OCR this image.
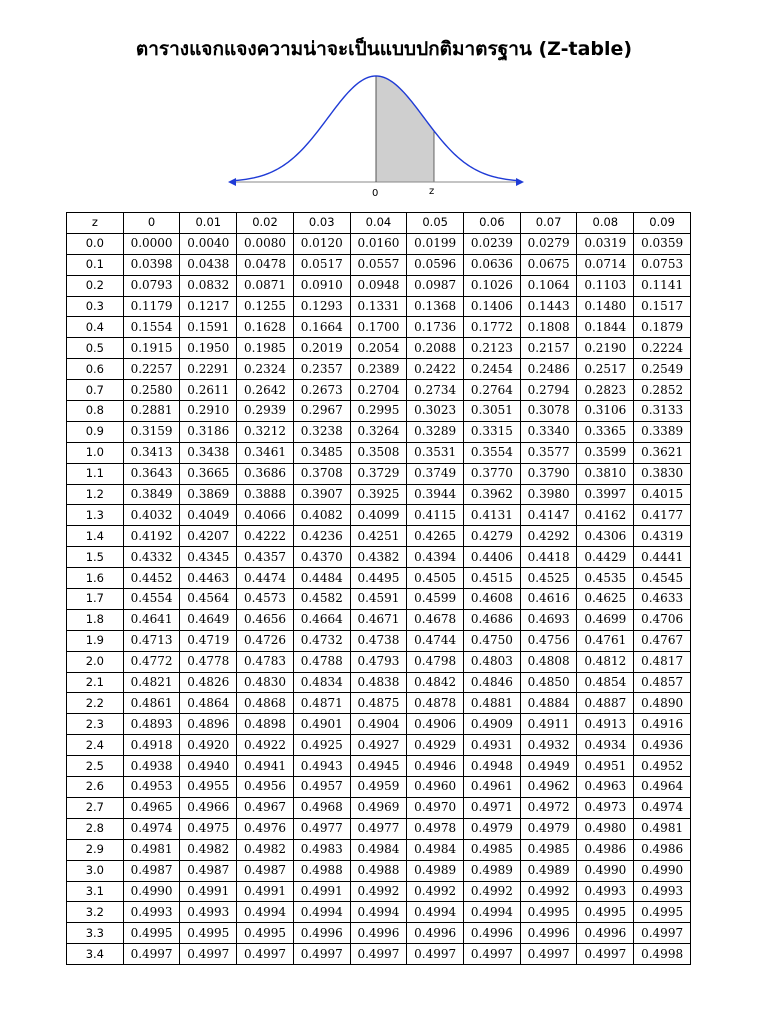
ตารางแจกแจงความน่าจะเป็นแบบปกติมาตรฐาน (Z-table)
0	z
z	0	0.01	0.02	0.03	0.04	0.05	0.06	0.07	0.08	0.09
0.0	0.0000	0.0040	0.0080	0.0120	0.0160	0.0199	0.0239	0.0279	0.0319	0.0359
0.1	0.0398	0.0438	0.0478	0.0517	0.0557	0.0596	0.0636	0.0675	0.0714	0.0753
0.2	0.0793	0.0832	0.0871	0.0910	0.0948	0.0987	0.1026	0.1064	0.1103	0.1141
0.3	0.1179	0.1217	0.1255	0.1293	0.1331	0.1368	0.1406	0.1443	0.1480	0.1517
0.4	0.1554	0.1591	0.1628	0.1664	0.1700	0.1736	0.1772	0.1808	0.1844	0.1879
0.5	0.1915	0.1950	0.1985	0.2019	0.2054	0.2088	0.2123	0.2157	0.2190	0.2224
0.6	0.2257	0.2291	0.2324	0.2357	0.2389	0.2422	0.2454	0.2486	0.2517	0.2549
0.7	0.2580	0.2611	0.2642	0.2673	0.2704	0.2734	0.2764	0.2794	0.2823	0.2852
0.8	0.2881	0.2910	0.2939	0.2967	0.2995	0.3023	0.3051	0.3078	0.3106	0.3133
0.9	0.3159	0.3186	0.3212	0.3238	0.3264	0.3289	0.3315	0.3340	0.3365	0.3389
1.0	0.3413	0.3438	0.3461	0.3485	0.3508	0.3531	0.3554	0.3577	0.3599	0.3621
1.1	0.3643	0.3665	0.3686	0.3708	0.3729	0.3749	0.3770	0.3790	0.3810	0.3830
1.2	0.3849	0.3869	0.3888	0.3907	0.3925	0.3944	0.3962	0.3980	0.3997	0.4015
1.3	0.4032	0.4049	0.4066	0.4082	0.4099	0.4115	0.4131	0.4147	0.4162	0.4177
1.4	0.4192	0.4207	0.4222	0.4236	0.4251	0.4265	0.4279	0.4292	0.4306	0.4319
1.5	0.4332	0.4345	0.4357	0.4370	0.4382	0.4394	0.4406	0.4418	0.4429	0.4441
1.6	0.4452	0.4463	0.4474	0.4484	0.4495	0.4505	0.4515	0.4525	0.4535	0.4545
1.7	0.4554	0.4564	0.4573	0.4582	0.4591	0.4599	0.4608	0.4616	0.4625	0.4633
1.8	0.4641	0.4649	0.4656	0.4664	0.4671	0.4678	0.4686	0.4693	0.4699	0.4706
1.9	0.4713	0.4719	0.4726	0.4732	0.4738	0.4744	0.4750	0.4756	0.4761	0.4767
2.0	0.4772	0.4778	0.4783	0.4788	0.4793	0.4798	0.4803	0.4808	0.4812	0.4817
2.1	0.4821	0.4826	0.4830	0.4834	0.4838	0.4842	0.4846	0.4850	0.4854	0.4857
2.2	0.4861	0.4864	0.4868	0.4871	0.4875	0.4878	0.4881	0.4884	0.4887	0.4890
2.3	0.4893	0.4896	0.4898	0.4901	0.4904	0.4906	0.4909	0.4911	0.4913	0.4916
2.4	0.4918	0.4920	0.4922	0.4925	0.4927	0.4929	0.4931	0.4932	0.4934	0.4936
2.5	0.4938	0.4940	0.4941	0.4943	0.4945	0.4946	0.4948	0.4949	0.4951	0.4952
2.6	0.4953	0.4955	0.4956	0.4957	0.4959	0.4960	0.4961	0.4962	0.4963	0.4964
2.7	0.4965	0.4966	0.4967	0.4968	0.4969	0.4970	0.4971	0.4972	0.4973	0.4974
2.8	0.4974	0.4975	0.4976	0.4977	0.4977	0.4978	0.4979	0.4979	0.4980	0.4981
2.9	0.4981	0.4982	0.4982	0.4983	0.4984	0.4984	0.4985	0.4985	0.4986	0.4986
3.0	0.4987	0.4987	0.4987	0.4988	0.4988	0.4989	0.4989	0.4989	0.4990	0.4990
3.1	0.4990	0.4991	0.4991	0.4991	0.4992	0.4992	0.4992	0.4992	0.4993	0.4993
3.2	0.4993	0.4993	0.4994	0.4994	0.4994	0.4994	0.4994	0.4995	0.4995	0.4995
3.3	0.4995	0.4995	0.4995	0.4996	0.4996	0.4996	0.4996	0.4996	0.4996	0.4997
3.4	0.4997	0.4997	0.4997	0.4997	0.4997	0.4997	0.4997	0.4997	0.4997	0.4998
